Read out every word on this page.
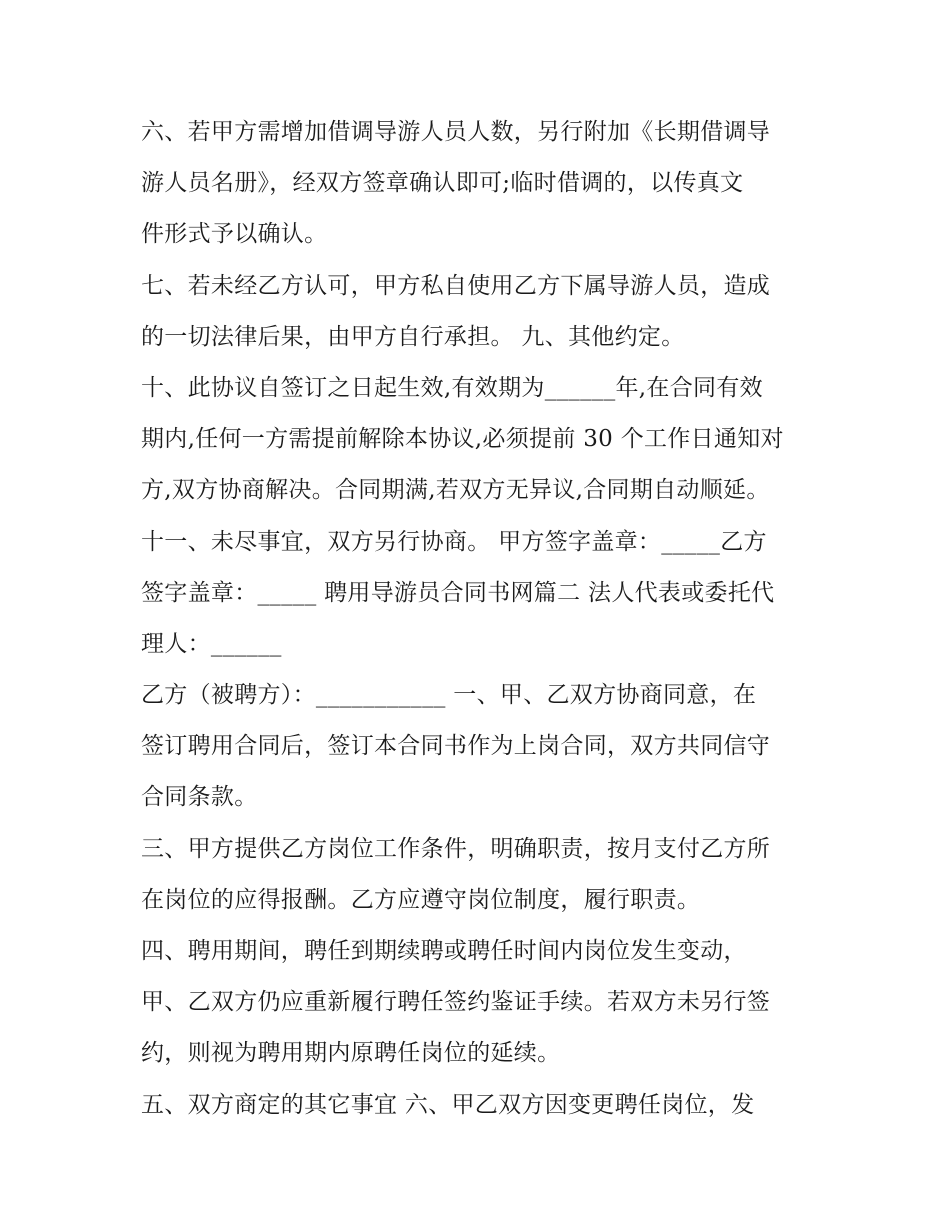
六、若甲方需增加借调导游人员人数，另行附加《长期借调导
游人员名册》，经双方签章确认即可;临时借调的，以传真文
件形式予以确认。
七、若未经乙方认可，甲方私自使用乙方下属导游人员，造成
的一切法律后果，由甲方自行承担。 九、其他约定。
十、此协议自签订之日起生效,有效期为______年,在合同有效
期内,任何一方需提前解除本协议,必须提前 30 个工作日通知对
方,双方协商解决。合同期满,若双方无异议,合同期自动顺延。
十一、未尽事宜，双方另行协商。 甲方签字盖章：_____乙方
签字盖章：_____ 聘用导游员合同书网篇二 法人代表或委托代
理人：______
乙方（被聘方）：___________ 一、甲、乙双方协商同意，在
签订聘用合同后，签订本合同书作为上岗合同，双方共同信守
合同条款。
三、甲方提供乙方岗位工作条件，明确职责，按月支付乙方所
在岗位的应得报酬。乙方应遵守岗位制度，履行职责。
四、聘用期间，聘任到期续聘或聘任时间内岗位发生变动，
甲、乙双方仍应重新履行聘任签约鉴证手续。若双方未另行签
约，则视为聘用期内原聘任岗位的延续。
五、双方商定的其它事宜 六、甲乙双方因变更聘任岗位，发
